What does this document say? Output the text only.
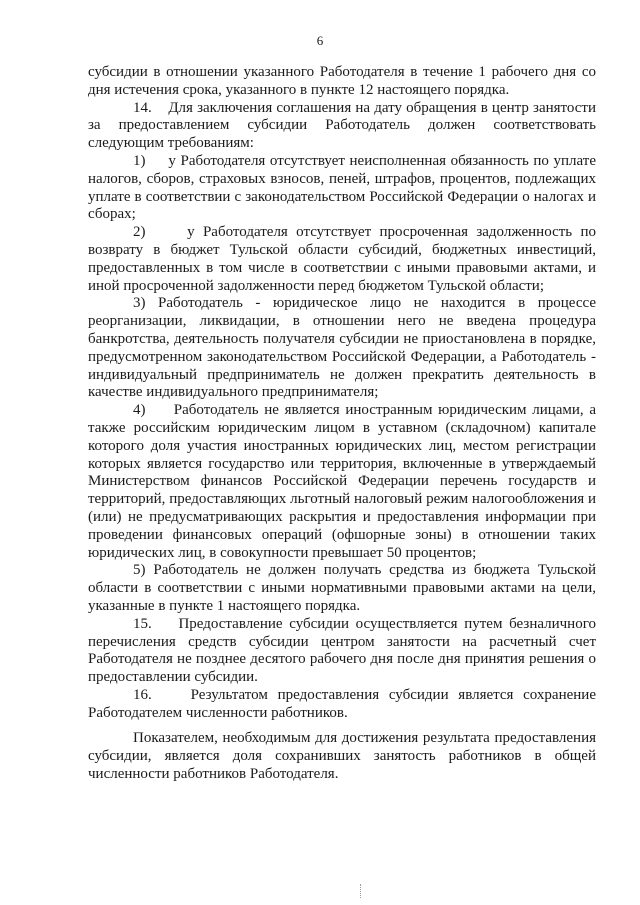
6

субсидии в отношении указанного Работодателя в течение 1 рабочего дня со дня истечения срока, указанного в пункте 12 настоящего порядка.

14.    Для заключения соглашения на дату обращения в центр занятости за предоставлением субсидии Работодатель должен соответствовать следующим требованиям:

1)     у Работодателя отсутствует неисполненная обязанность по уплате налогов, сборов, страховых взносов, пеней, штрафов, процентов, подлежащих уплате в соответствии с законодательством Российской Федерации о налогах и сборах;

2)     у Работодателя отсутствует просроченная задолженность по возврату в бюджет Тульской области субсидий, бюджетных инвестиций, предоставленных в том числе в соответствии с иными правовыми актами, и иной просроченной задолженности перед бюджетом Тульской области;

3) Работодатель - юридическое лицо не находится в процессе реорганизации, ликвидации, в отношении него не введена процедура банкротства, деятельность получателя субсидии не приостановлена в порядке, предусмотренном законодательством Российской Федерации, а Работодатель - индивидуальный предприниматель не должен прекратить деятельность в качестве индивидуального предпринимателя;

4)     Работодатель не является иностранным юридическим лицами, а также российским юридическим лицом в уставном (складочном) капитале которого доля участия иностранных юридических лиц, местом регистрации которых является государство или территория, включенные в утверждаемый Министерством финансов Российской Федерации перечень государств и территорий, предоставляющих льготный налоговый режим налогообложения и (или) не предусматривающих раскрытия и предоставления информации при проведении финансовых операций (офшорные зоны) в отношении таких юридических лиц, в совокупности превышает 50 процентов;

5) Работодатель не должен получать средства из бюджета Тульской области в соответствии с иными нормативными правовыми актами на цели, указанные в пункте 1 настоящего порядка.

15.    Предоставление субсидии осуществляется путем безналичного перечисления средств субсидии центром занятости на расчетный счет Работодателя не позднее десятого рабочего дня после дня принятия решения о предоставлении субсидии.

16.    Результатом предоставления субсидии является сохранение Работодателем численности работников.

Показателем, необходимым для достижения результата предоставления субсидии, является доля сохранивших занятость работников в общей численности работников Работодателя.
